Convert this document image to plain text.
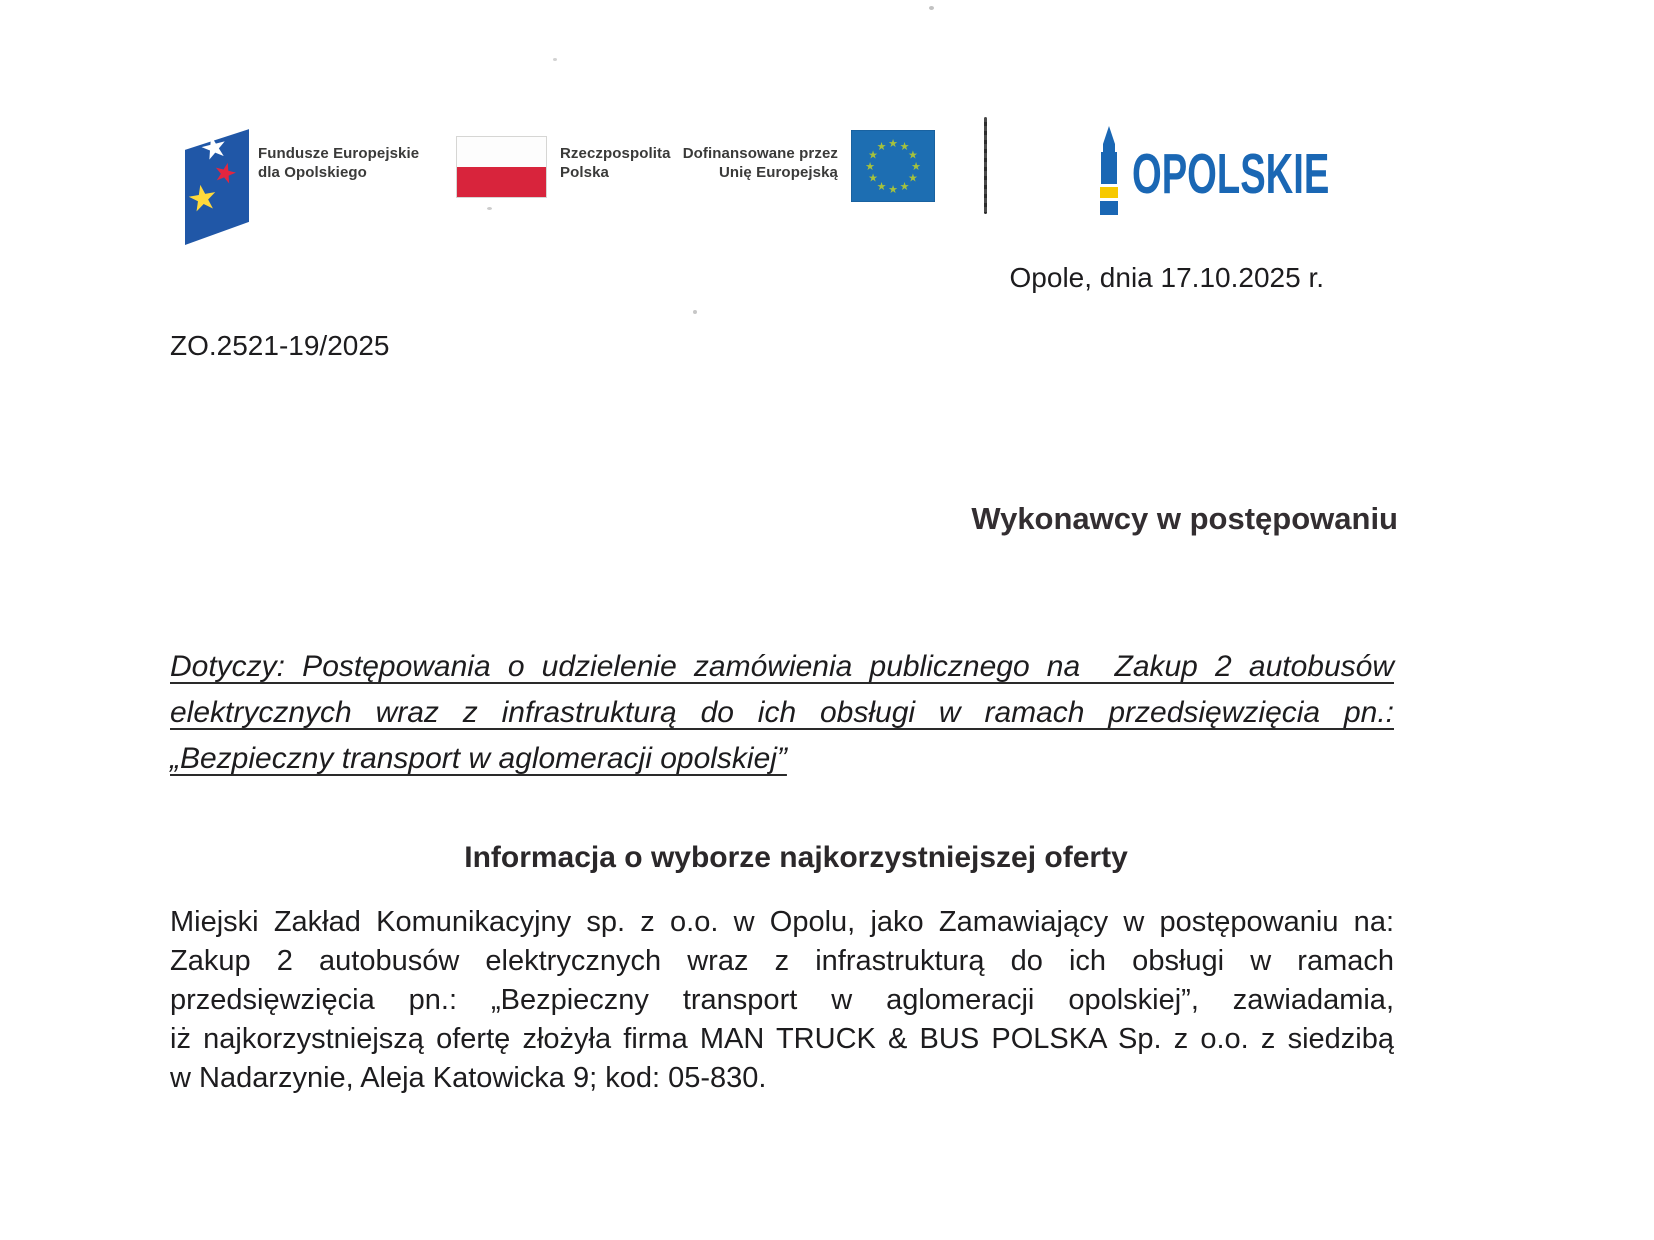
★
★
★
Fundusze Europejskie
dla Opolskiego
Rzeczpospolita
Polska
Dofinansowane przez
Unię Europejską
★ ★
★
★
★
★
★
★
★
★
★
★	OPOLSKIE
Opole, dnia 17.10.2025 r.
ZO.2521-19/2025
Wykonawcy w postępowaniu
Dotyczy: Postępowania o udzielenie zamówienia publicznego na  Zakup 2 autobusów
elektrycznych wraz z infrastrukturą do ich obsługi w ramach przedsięwzięcia pn.:
„Bezpieczny transport w aglomeracji opolskiej”
Informacja o wyborze najkorzystniejszej oferty
Miejski Zakład Komunikacyjny sp. z o.o. w Opolu, jako Zamawiający w postępowaniu na:
Zakup 2 autobusów elektrycznych wraz z infrastrukturą do ich obsługi w ramach
przedsięwzięcia pn.: „Bezpieczny transport w aglomeracji opolskiej”, zawiadamia,
iż najkorzystniejszą ofertę złożyła firma MAN TRUCK & BUS POLSKA Sp. z o.o. z siedzibą
w Nadarzynie, Aleja Katowicka 9; kod: 05-830.
